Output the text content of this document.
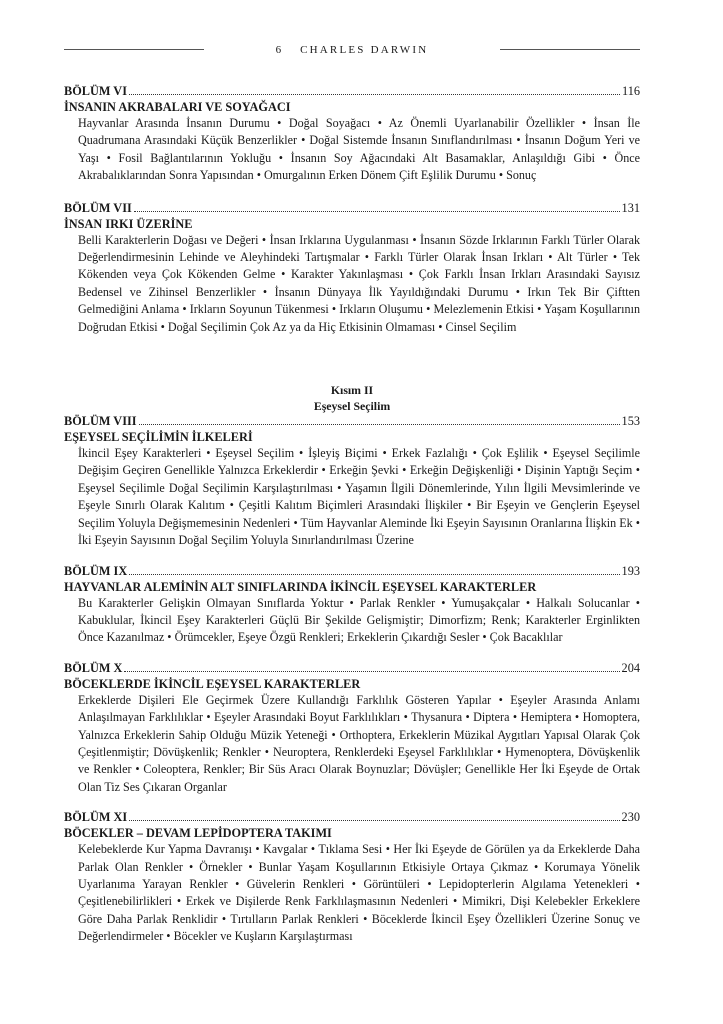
6 CHARLES DARWIN
BÖLÜM VI	116
İNSANIN AKRABALARI VE SOYAĞACI

Hayvanlar Arasında İnsanın Durumu • Doğal Soyağacı • Az Önemli Uyarlanabilir Özellikler • İnsan İle Quadrumana Arasındaki Küçük Benzerlikler • Doğal Sistemde İnsanın Sınıflandırılması • İnsanın Doğum Yeri ve Yaşı • Fosil Bağlantılarının Yokluğu • İnsanın Soy Ağacındaki Alt Basamaklar, Anlaşıldığı Gibi • Önce Akrabalıklarından Sonra Yapısından • Omurgalının Erken Dönem Çift Eşlilik Durumu • Sonuç

BÖLÜM VII	131
İNSAN IRKI ÜZERİNE

Belli Karakterlerin Doğası ve Değeri • İnsan Irklarına Uygulanması • İnsanın Sözde Irklarının Farklı Türler Olarak Değerlendirmesinin Lehinde ve Aleyhindeki Tartışmalar • Farklı Türler Olarak İnsan Irkları • Alt Türler • Tek Kökenden veya Çok Kökenden Gelme • Karakter Yakınlaşması • Çok Farklı İnsan Irkları Arasındaki Sayısız Bedensel ve Zihinsel Benzerlikler • İnsanın Dünyaya İlk Yayıldığındaki Durumu • Irkın Tek Bir Çiftten Gelmediğini Anlama • Irkların Soyunun Tükenmesi • Irkların Oluşumu • Melezlemenin Etkisi • Yaşam Koşullarının Doğrudan Etkisi • Doğal Seçilimin Çok Az ya da Hiç Etkisinin Olmaması • Cinsel Seçilim

Kısım II
Eşeysel Seçilim
BÖLÜM VIII	153
EŞEYSEL SEÇİLİMİN İLKELERİ

İkincil Eşey Karakterleri • Eşeysel Seçilim • İşleyiş Biçimi • Erkek Fazlalığı • Çok Eşlilik • Eşeysel Seçilimle Değişim Geçiren Genellikle Yalnızca Erkeklerdir • Erkeğin Şevki • Erkeğin Değişkenliği • Dişinin Yaptığı Seçim • Eşeysel Seçilimle Doğal Seçilimin Karşılaştırılması • Yaşamın İlgili Dönemlerinde, Yılın İlgili Mevsimlerinde ve Eşeyle Sınırlı Olarak Kalıtım • Çeşitli Kalıtım Biçimleri Arasındaki İlişkiler • Bir Eşeyin ve Gençlerin Eşeysel Seçilim Yoluyla Değişmemesinin Nedenleri • Tüm Hayvanlar Aleminde İki Eşeyin Sayısının Oranlarına İlişkin Ek • İki Eşeyin Sayısının Doğal Seçilim Yoluyla Sınırlandırılması Üzerine

BÖLÜM IX	193
HAYVANLAR ALEMİNİN ALT SINIFLARINDA İKİNCİL EŞEYSEL KARAKTERLER

Bu Karakterler Gelişkin Olmayan Sınıflarda Yoktur • Parlak Renkler • Yumuşakçalar • Halkalı Solucanlar • Kabuklular, İkincil Eşey Karakterleri Güçlü Bir Şekilde Gelişmiştir; Dimorfizm; Renk; Karakterler Erginlikten Önce Kazanılmaz • Örümcekler, Eşeye Özgü Renkleri; Erkeklerin Çıkardığı Sesler • Çok Bacaklılar

BÖLÜM X	204
BÖCEKLERDE İKİNCİL EŞEYSEL KARAKTERLER

Erkeklerde Dişileri Ele Geçirmek Üzere Kullandığı Farklılık Gösteren Yapılar • Eşeyler Arasında Anlamı Anlaşılmayan Farklılıklar • Eşeyler Arasındaki Boyut Farklılıkları • Thysanura • Diptera • Hemiptera • Homoptera, Yalnızca Erkeklerin Sahip Olduğu Müzik Yeteneği • Orthoptera, Erkeklerin Müzikal Aygıtları Yapısal Olarak Çok Çeşitlenmiştir; Dövüşkenlik; Renkler • Neuroptera, Renklerdeki Eşeysel Farklılıklar • Hymenoptera, Dövüşkenlik ve Renkler • Coleoptera, Renkler; Bir Süs Aracı Olarak Boynuzlar; Dövüşler; Genellikle Her İki Eşeyde de Ortak Olan Tiz Ses Çıkaran Organlar

BÖLÜM XI	230
BÖCEKLER – DEVAM LEPİDOPTERA TAKIMI

Kelebeklerde Kur Yapma Davranışı • Kavgalar • Tıklama Sesi • Her İki Eşeyde de Görülen ya da Erkeklerde Daha Parlak Olan Renkler • Örnekler • Bunlar Yaşam Koşullarının Etkisiyle Ortaya Çıkmaz • Korumaya Yönelik Uyarlanıma Yarayan Renkler • Güvelerin Renkleri • Görüntüleri • Lepidopterlerin Algılama Yetenekleri • Çeşitlenebilirlikleri • Erkek ve Dişilerde Renk Farklılaşmasının Nedenleri • Mimikri, Dişi Kelebekler Erkeklere Göre Daha Parlak Renklidir • Tırtılların Parlak Renkleri • Böceklerde İkincil Eşey Özellikleri Üzerine Sonuç ve Değerlendirmeler • Böcekler ve Kuşların Karşılaştırması
